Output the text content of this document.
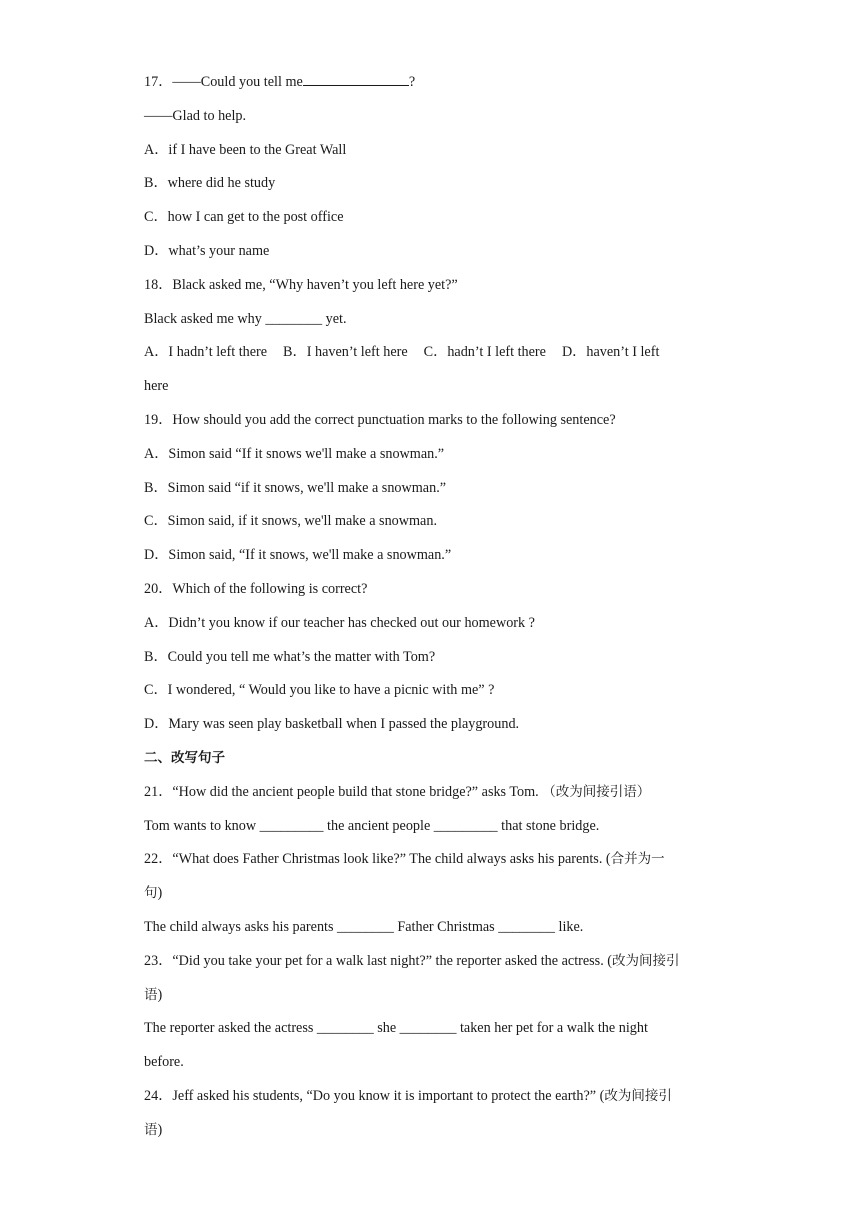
17．——Could you tell me	?

——Glad to help.

A．if I have been to the Great Wall

B．where did he study

C．how I can get to the post office

D．what’s your name

18．Black asked me, “Why haven’t you left here yet?”

Black asked me why ________ yet.

A．I hadn’t left there B．I haven’t left here C．hadn’t I left there D．haven’t I left

here

19．How should you add the correct punctuation marks to the following sentence?

A．Simon said “If it snows we'll make a snowman.”

B．Simon said “if it snows, we'll make a snowman.”

C．Simon said, if it snows, we'll make a snowman.

D．Simon said, “If it snows, we'll make a snowman.”

20．Which of the following is correct?

A．Didn’t you know if our teacher has checked out our homework ?

B．Could you tell me what’s the matter with Tom?

C．I wondered, “ Would you like to have a picnic with me” ?

D．Mary was seen play basketball when I passed the playground.

二、改写句子

21．“How did the ancient people build that stone bridge?” asks Tom. （改为间接引语）

Tom wants to know _________ the ancient people _________ that stone bridge.

22．“What does Father Christmas look like?” The child always asks his parents. (合并为一

句)

The child always asks his parents ________ Father Christmas ________ like.

23．“Did you take your pet for a walk last night?” the reporter asked the actress. (改为间接引

语)

The reporter asked the actress ________ she ________ taken her pet for a walk the night

before.

24．Jeff asked his students, “Do you know it is important to protect the earth?” (改为间接引

语)
